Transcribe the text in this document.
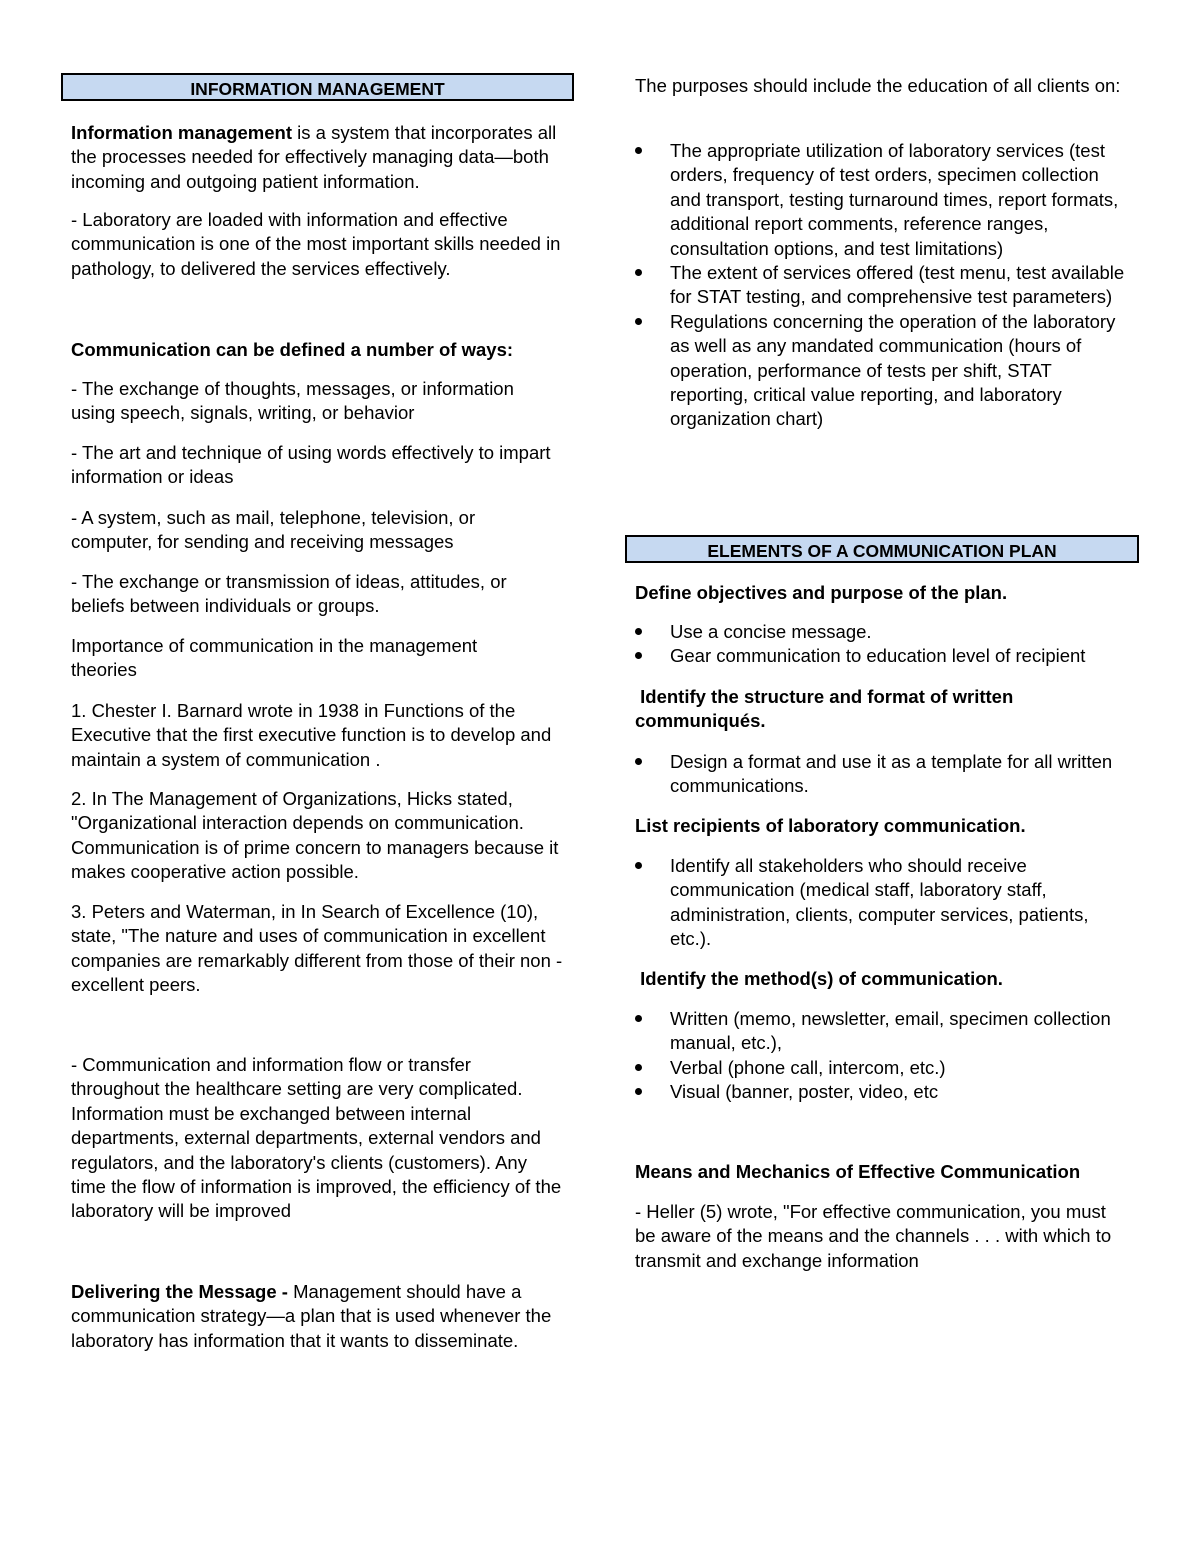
INFORMATION MANAGEMENT

Information management is a system that incorporates all the processes needed for effectively managing data—both incoming and outgoing patient information.

- Laboratory are loaded with information and effective communication is one of the most important skills needed in pathology, to delivered the services effectively.

Communication can be defined a number of ways:

- The exchange of thoughts, messages, or information using speech, signals, writing, or behavior

- The art and technique of using words effectively to impart information or ideas

- A system, such as mail, telephone, television, or computer, for sending and receiving messages

- The exchange or transmission of ideas, attitudes, or beliefs between individuals or groups.

Importance of communication in the management theories

1. Chester I. Barnard wrote in 1938 in Functions of the Executive that the first executive function is to develop and maintain a system of communication .

2. In The Management of Organizations, Hicks stated, "Organizational interaction depends on communication. Communication is of prime concern to managers because it makes cooperative action possible.

3. Peters and Waterman, in In Search of Excellence (10), state, "The nature and uses of communication in excellent companies are remarkably different from those of their non - excellent peers.

- Communication and information flow or transfer throughout the healthcare setting are very complicated. Information must be exchanged between internal departments, external departments, external vendors and regulators, and the laboratory's clients (customers). Any time the flow of information is improved, the efficiency of the laboratory will be improved

Delivering the Message - Management should have a communication strategy—a plan that is used whenever the laboratory has information that it wants to disseminate.

The purposes should include the education of all clients on:

The appropriate utilization of laboratory services (test orders, frequency of test orders, specimen collection and transport, testing turnaround times, report formats, additional report comments, reference ranges, consultation options, and test limitations)
The extent of services offered (test menu, test available for STAT testing, and comprehensive test parameters)
Regulations concerning the operation of the laboratory as well as any mandated communication (hours of operation, performance of tests per shift, STAT reporting, critical value reporting, and laboratory organization chart)
ELEMENTS OF A COMMUNICATION PLAN

Define objectives and purpose of the plan.

Use a concise message.
Gear communication to education level of recipient

Identify the structure and format of written communiqués.

Design a format and use it as a template for all written communications.

List recipients of laboratory communication.

Identify all stakeholders who should receive communication (medical staff, laboratory staff, administration, clients, computer services, patients, etc.).

Identify the method(s) of communication.

Written (memo, newsletter, email, specimen collection manual, etc.),
Verbal (phone call, intercom, etc.)
Visual (banner, poster, video, etc

Means and Mechanics of Effective Communication

- Heller (5) wrote, "For effective communication, you must be aware of the means and the channels . . . with which to transmit and exchange information
